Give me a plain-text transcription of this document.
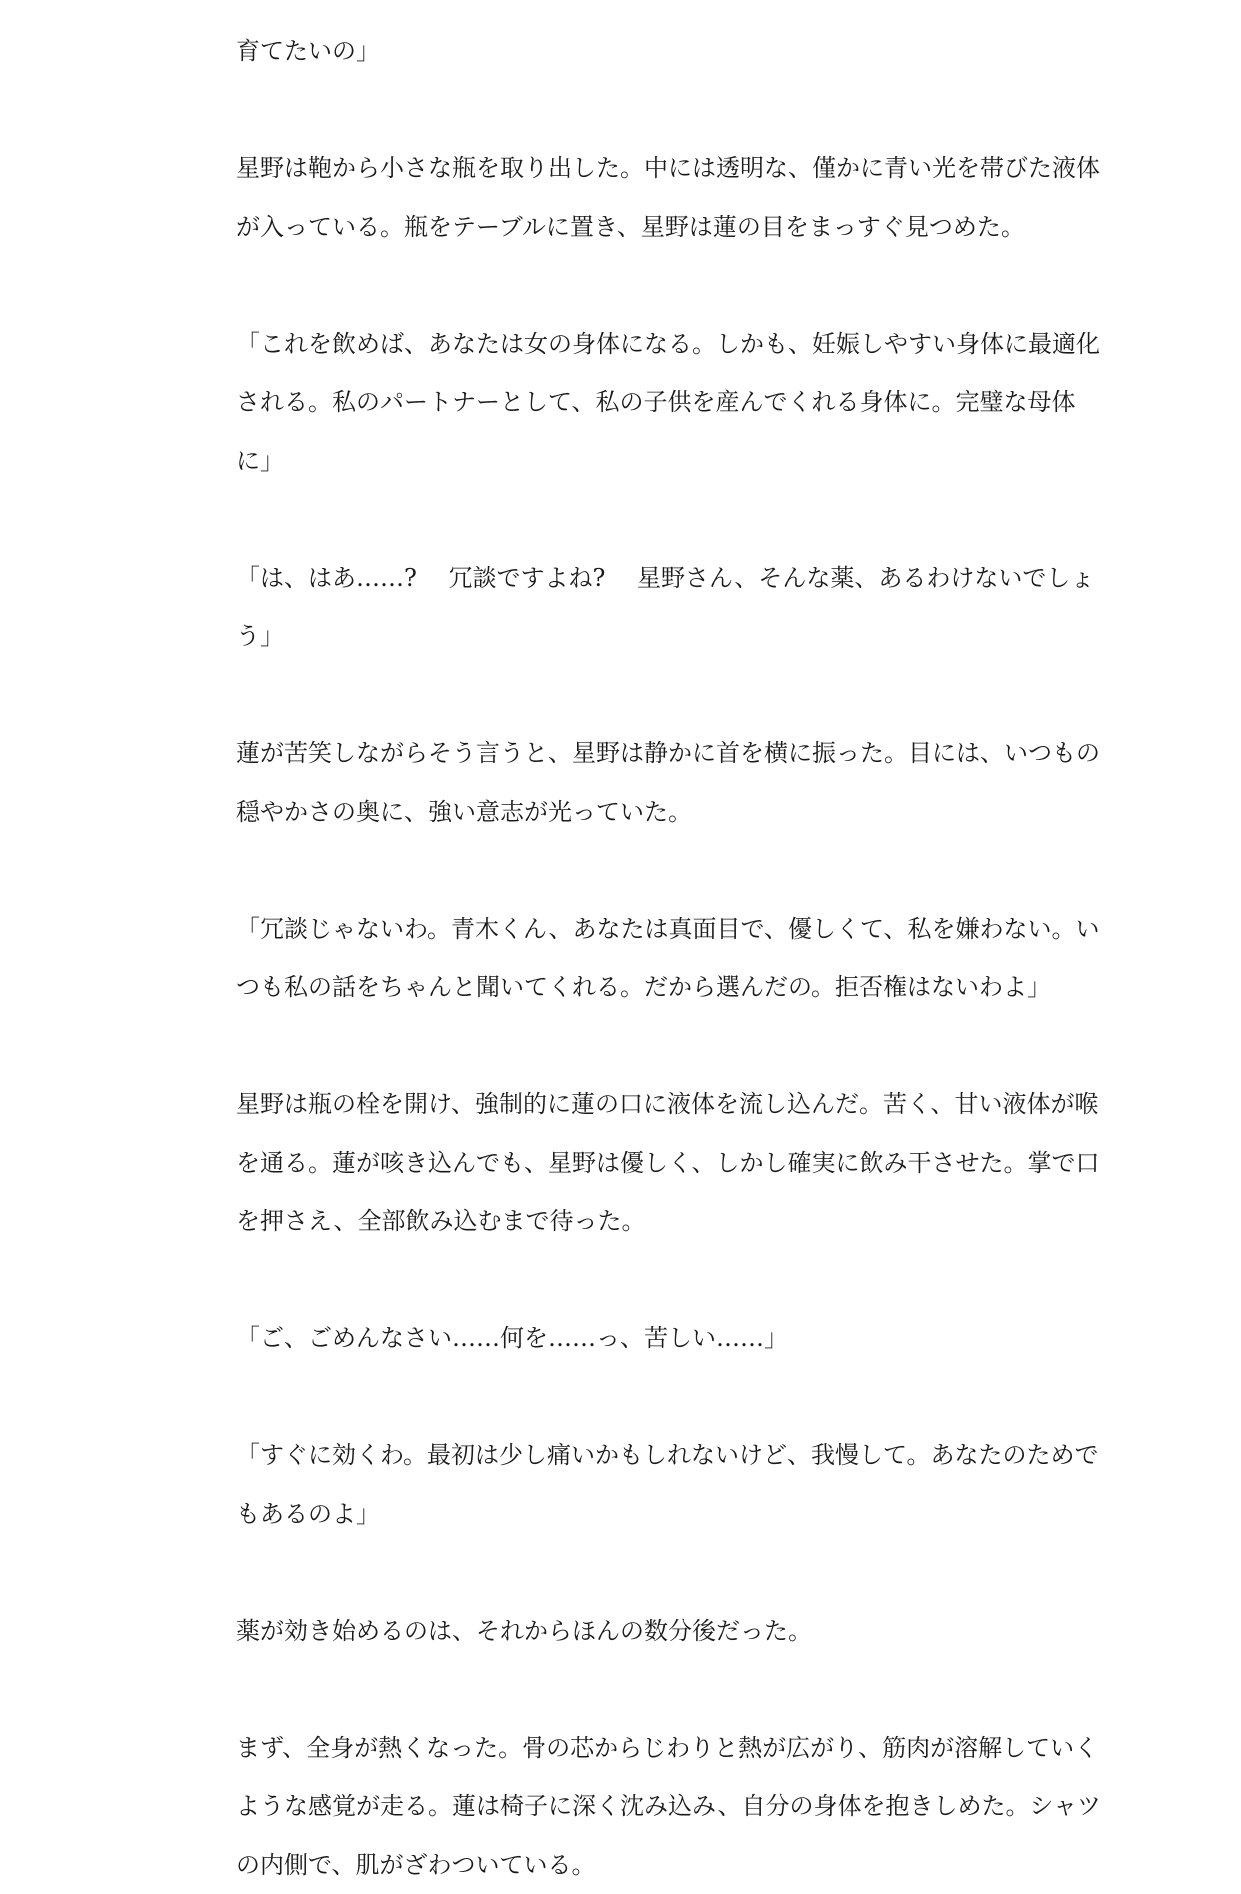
育てたいの」
星野は鞄から小さな瓶を取り出した。中には透明な、僅かに青い光を帯びた液体
が入っている。瓶をテーブルに置き、星野は蓮の目をまっすぐ見つめた。
「これを飲めば、あなたは女の身体になる。しかも、妊娠しやすい身体に最適化
される。私のパートナーとして、私の子供を産んでくれる身体に。完璧な母体
に」
「は、はあ……?　 冗談ですよね?　 星野さん、そんな薬、あるわけないでしょ
う」
蓮が苦笑しながらそう言うと、星野は静かに首を横に振った。目には、いつもの
穏やかさの奥に、強い意志が光っていた。
「冗談じゃないわ。青木くん、あなたは真面目で、優しくて、私を嫌わない。い
つも私の話をちゃんと聞いてくれる。だから選んだの。拒否権はないわよ」
星野は瓶の栓を開け、強制的に蓮の口に液体を流し込んだ。苦く、甘い液体が喉
を通る。蓮が咳き込んでも、星野は優しく、しかし確実に飲み干させた。掌で口
を押さえ、全部飲み込むまで待った。
「ご、ごめんなさい……何を……っ、苦しい……」
「すぐに効くわ。最初は少し痛いかもしれないけど、我慢して。あなたのためで
もあるのよ」
薬が効き始めるのは、それからほんの数分後だった。
まず、全身が熱くなった。骨の芯からじわりと熱が広がり、筋肉が溶解していく
ような感覚が走る。蓮は椅子に深く沈み込み、自分の身体を抱きしめた。シャツ
の内側で、肌がざわついている。
